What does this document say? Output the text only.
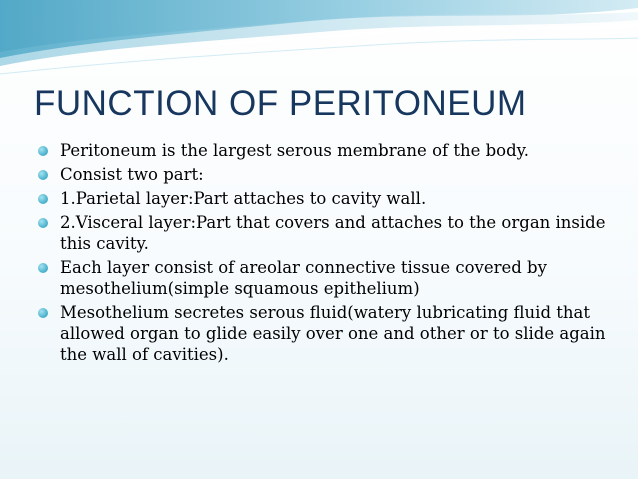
FUNCTION OF PERITONEUM
Peritoneum is the largest serous membrane of the body.
Consist two part:
1.Parietal layer:Part attaches to cavity wall.
2.Visceral layer:Part that covers and attaches to the organ inside this cavity.
Each layer consist of areolar connective tissue covered by mesothelium(simple squamous epithelium)
Mesothelium secretes serous fluid(watery lubricating fluid that allowed organ to glide easily over one and other or to slide again the wall of cavities).
